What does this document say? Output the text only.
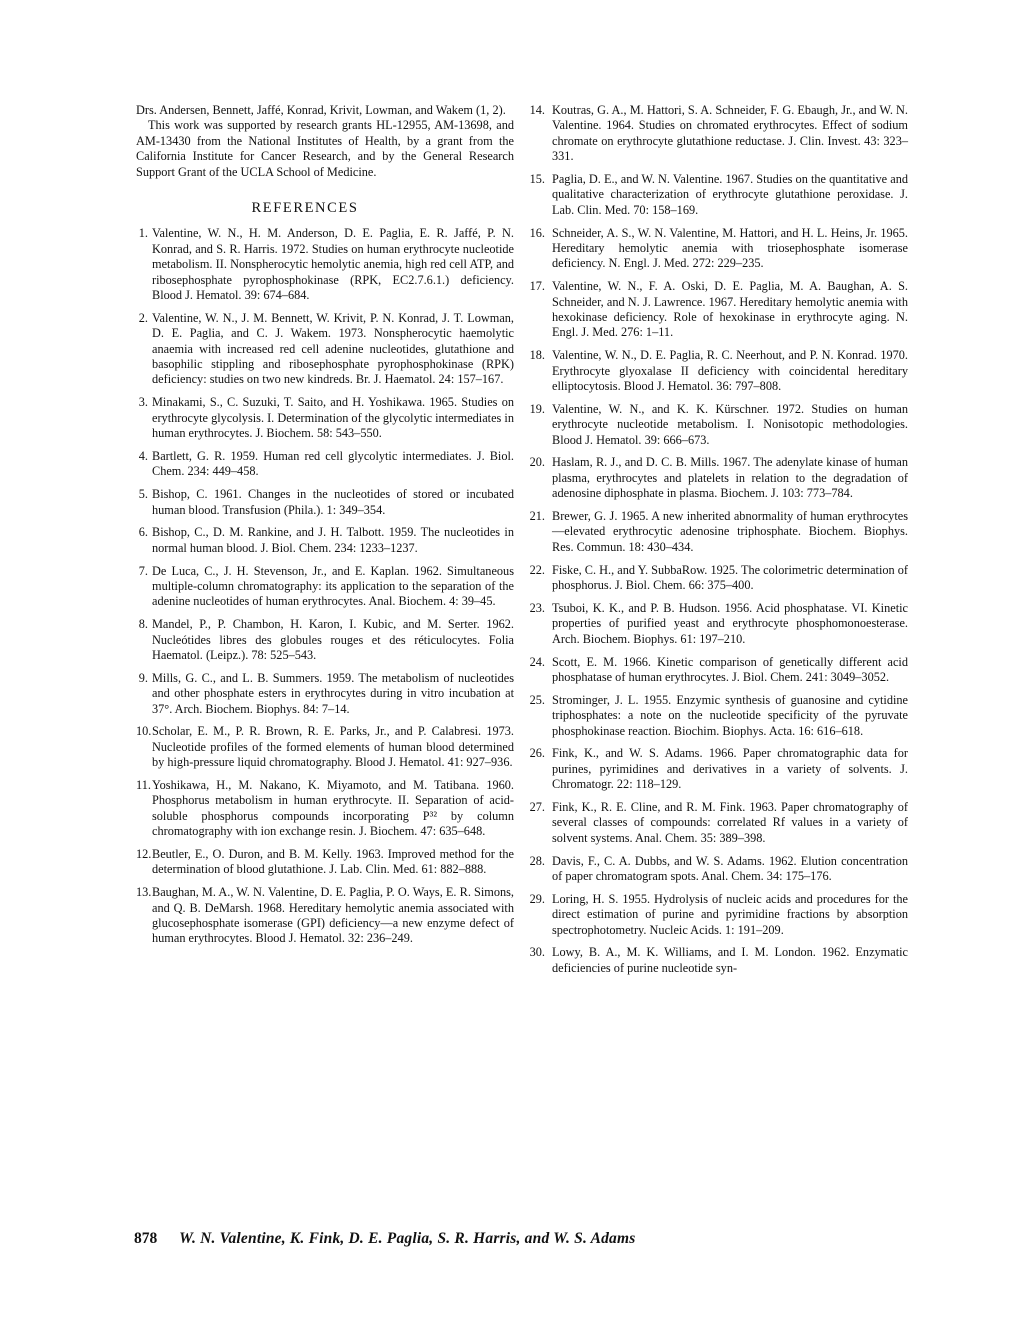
Drs. Andersen, Bennett, Jaffé, Konrad, Krivit, Lowman, and Wakem (1, 2).

This work was supported by research grants HL-12955, AM-13698, and AM-13430 from the National Institutes of Health, by a grant from the California Institute for Cancer Research, and by the General Research Support Grant of the UCLA School of Medicine.

REFERENCES
1. Valentine, W. N., H. M. Anderson, D. E. Paglia, E. R. Jaffé, P. N. Konrad, and S. R. Harris. 1972. Studies on human erythrocyte nucleotide metabolism. II. Nonspherocytic hemolytic anemia, high red cell ATP, and ribosephosphate pyrophosphokinase (RPK, EC2.7.6.1.) deficiency. Blood J. Hematol. 39: 674–684.
2. Valentine, W. N., J. M. Bennett, W. Krivit, P. N. Konrad, J. T. Lowman, D. E. Paglia, and C. J. Wakem. 1973. Nonspherocytic haemolytic anaemia with increased red cell adenine nucleotides, glutathione and basophilic stippling and ribosephosphate pyrophosphokinase (RPK) deficiency: studies on two new kindreds. Br. J. Haematol. 24: 157–167.
3. Minakami, S., C. Suzuki, T. Saito, and H. Yoshikawa. 1965. Studies on erythrocyte glycolysis. I. Determination of the glycolytic intermediates in human erythrocytes. J. Biochem. 58: 543–550.
4. Bartlett, G. R. 1959. Human red cell glycolytic intermediates. J. Biol. Chem. 234: 449–458.
5. Bishop, C. 1961. Changes in the nucleotides of stored or incubated human blood. Transfusion (Phila.). 1: 349–354.
6. Bishop, C., D. M. Rankine, and J. H. Talbott. 1959. The nucleotides in normal human blood. J. Biol. Chem. 234: 1233–1237.
7. De Luca, C., J. H. Stevenson, Jr., and E. Kaplan. 1962. Simultaneous multiple-column chromatography: its application to the separation of the adenine nucleotides of human erythrocytes. Anal. Biochem. 4: 39–45.
8. Mandel, P., P. Chambon, H. Karon, I. Kubic, and M. Serter. 1962. Nucleótides libres des globules rouges et des réticulocytes. Folia Haematol. (Leipz.). 78: 525–543.
9. Mills, G. C., and L. B. Summers. 1959. The metabolism of nucleotides and other phosphate esters in erythrocytes during in vitro incubation at 37°. Arch. Biochem. Biophys. 84: 7–14.
10. Scholar, E. M., P. R. Brown, R. E. Parks, Jr., and P. Calabresi. 1973. Nucleotide profiles of the formed elements of human blood determined by high-pressure liquid chromatography. Blood J. Hematol. 41: 927–936.
11. Yoshikawa, H., M. Nakano, K. Miyamoto, and M. Tatibana. 1960. Phosphorus metabolism in human erythrocyte. II. Separation of acid-soluble phosphorus compounds incorporating P³² by column chromatography with ion exchange resin. J. Biochem. 47: 635–648.
12. Beutler, E., O. Duron, and B. M. Kelly. 1963. Improved method for the determination of blood glutathione. J. Lab. Clin. Med. 61: 882–888.
13. Baughan, M. A., W. N. Valentine, D. E. Paglia, P. O. Ways, E. R. Simons, and Q. B. DeMarsh. 1968. Hereditary hemolytic anemia associated with glucosephosphate isomerase (GPI) deficiency—a new enzyme defect of human erythrocytes. Blood J. Hematol. 32: 236–249.
14. Koutras, G. A., M. Hattori, S. A. Schneider, F. G. Ebaugh, Jr., and W. N. Valentine. 1964. Studies on chromated erythrocytes. Effect of sodium chromate on erythrocyte glutathione reductase. J. Clin. Invest. 43: 323–331.
15. Paglia, D. E., and W. N. Valentine. 1967. Studies on the quantitative and qualitative characterization of erythrocyte glutathione peroxidase. J. Lab. Clin. Med. 70: 158–169.
16. Schneider, A. S., W. N. Valentine, M. Hattori, and H. L. Heins, Jr. 1965. Hereditary hemolytic anemia with triosephosphate isomerase deficiency. N. Engl. J. Med. 272: 229–235.
17. Valentine, W. N., F. A. Oski, D. E. Paglia, M. A. Baughan, A. S. Schneider, and N. J. Lawrence. 1967. Hereditary hemolytic anemia with hexokinase deficiency. Role of hexokinase in erythrocyte aging. N. Engl. J. Med. 276: 1–11.
18. Valentine, W. N., D. E. Paglia, R. C. Neerhout, and P. N. Konrad. 1970. Erythrocyte glyoxalase II deficiency with coincidental hereditary elliptocytosis. Blood J. Hematol. 36: 797–808.
19. Valentine, W. N., and K. K. Kürschner. 1972. Studies on human erythrocyte nucleotide metabolism. I. Nonisotopic methodologies. Blood J. Hematol. 39: 666–673.
20. Haslam, R. J., and D. C. B. Mills. 1967. The adenylate kinase of human plasma, erythrocytes and platelets in relation to the degradation of adenosine diphosphate in plasma. Biochem. J. 103: 773–784.
21. Brewer, G. J. 1965. A new inherited abnormality of human erythrocytes—elevated erythrocytic adenosine triphosphate. Biochem. Biophys. Res. Commun. 18: 430–434.
22. Fiske, C. H., and Y. SubbaRow. 1925. The colorimetric determination of phosphorus. J. Biol. Chem. 66: 375–400.
23. Tsuboi, K. K., and P. B. Hudson. 1956. Acid phosphatase. VI. Kinetic properties of purified yeast and erythrocyte phosphomonoesterase. Arch. Biochem. Biophys. 61: 197–210.
24. Scott, E. M. 1966. Kinetic comparison of genetically different acid phosphatase of human erythrocytes. J. Biol. Chem. 241: 3049–3052.
25. Strominger, J. L. 1955. Enzymic synthesis of guanosine and cytidine triphosphates: a note on the nucleotide specificity of the pyruvate phosphokinase reaction. Biochim. Biophys. Acta. 16: 616–618.
26. Fink, K., and W. S. Adams. 1966. Paper chromatographic data for purines, pyrimidines and derivatives in a variety of solvents. J. Chromatogr. 22: 118–129.
27. Fink, K., R. E. Cline, and R. M. Fink. 1963. Paper chromatography of several classes of compounds: correlated Rf values in a variety of solvent systems. Anal. Chem. 35: 389–398.
28. Davis, F., C. A. Dubbs, and W. S. Adams. 1962. Elution concentration of paper chromatogram spots. Anal. Chem. 34: 175–176.
29. Loring, H. S. 1955. Hydrolysis of nucleic acids and procedures for the direct estimation of purine and pyrimidine fractions by absorption spectrophotometry. Nucleic Acids. 1: 191–209.
30. Lowy, B. A., M. K. Williams, and I. M. London. 1962. Enzymatic deficiencies of purine nucleotide syn-
878 W. N. Valentine, K. Fink, D. E. Paglia, S. R. Harris, and W. S. Adams
